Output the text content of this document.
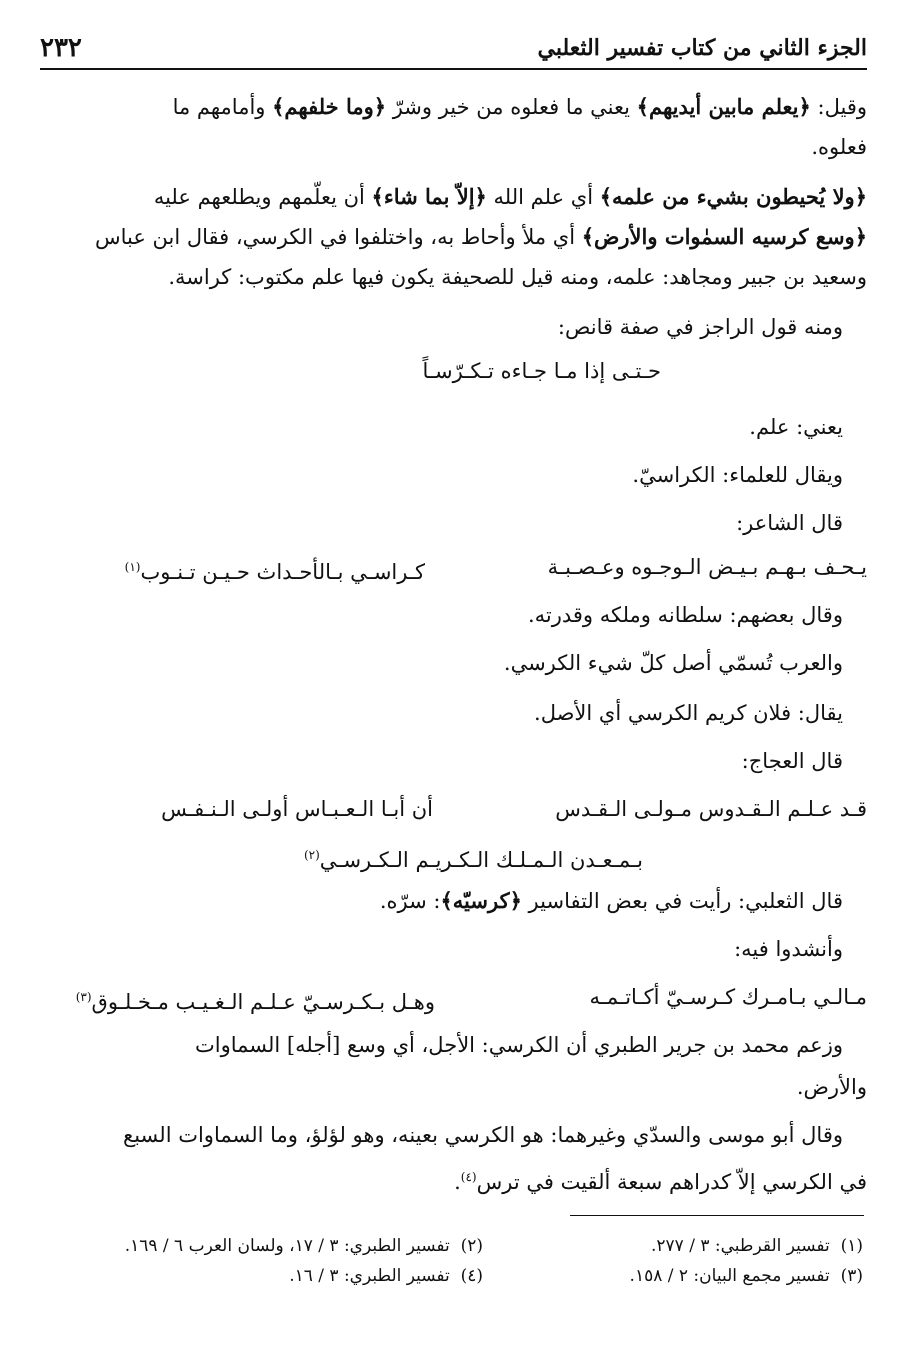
الجزء الثاني من كتاب تفسير الثعلبي
٢٣٢
وقيل: ﴿يعلم مابين أيديهم﴾ يعني ما فعلوه من خير وشرّ ﴿وما خلفهم﴾ وأمامهم ما
فعلوه.
﴿ولا يُحيطون بشيء من علمه﴾ أي علم الله ﴿إلاّ بما شاء﴾ أن يعلّمهم ويطلعهم عليه
﴿وسع كرسيه السمٰوات والأرض﴾ أي ملأ وأحاط به، واختلفوا في الكرسي، فقال ابن عباس
وسعيد بن جبير ومجاهد: علمه، ومنه قيل للصحيفة يكون فيها علم مكتوب: كراسة.
ومنه قول الراجز في صفة قانص:
حـتـى إذا مـا جـاءه تـكـرّسـاً
يعني: علم.
ويقال للعلماء: الكراسيّ.
قال الشاعر:
يـحـف بـهـم بـيـض الـوجـوه وعـصـبـة
كـراسـي بـالأحـداث حـيـن تـنـوب$^{(١)}$
وقال بعضهم: سلطانه وملكه وقدرته.
والعرب تُسمّي أصل كلّ شيء الكرسي.
يقال: فلان كريم الكرسي أي الأصل.
قال العجاج:
قـد عـلـم الـقـدوس مـولـى الـقـدس
أن أبـا الـعـبـاس أولـى الـنـفـس
بـمـعـدن الـمـلـك الـكـريـم الـكـرسـي$^{(٢)}$
قال الثعلبي: رأيت في بعض التفاسير ﴿كرسيّه﴾: سرّه.
وأنشدوا فيه:
مـالـي بـامـرك كـرسـيّ أكـاتـمـه
وهـل بـكـرسـيّ عـلـم الـغـيـب مـخـلـوق$^{(٣)}$
وزعم محمد بن جرير الطبري أن الكرسي: الأجل، أي وسع [أجله] السماوات
والأرض.
وقال أبو موسى والسدّي وغيرهما: هو الكرسي بعينه، وهو لؤلؤ، وما السماوات السبع
في الكرسي إلاّ كدراهم سبعة ألقيت في ترس$^{(٤)}$.
(١)  تفسير القرطبي: ٣ / ٢٧٧.
(٢)  تفسير الطبري: ٣ / ١٧، ولسان العرب ٦ / ١٦٩.
(٣)  تفسير مجمع البيان: ٢ / ١٥٨.
(٤)  تفسير الطبري: ٣ / ١٦.
